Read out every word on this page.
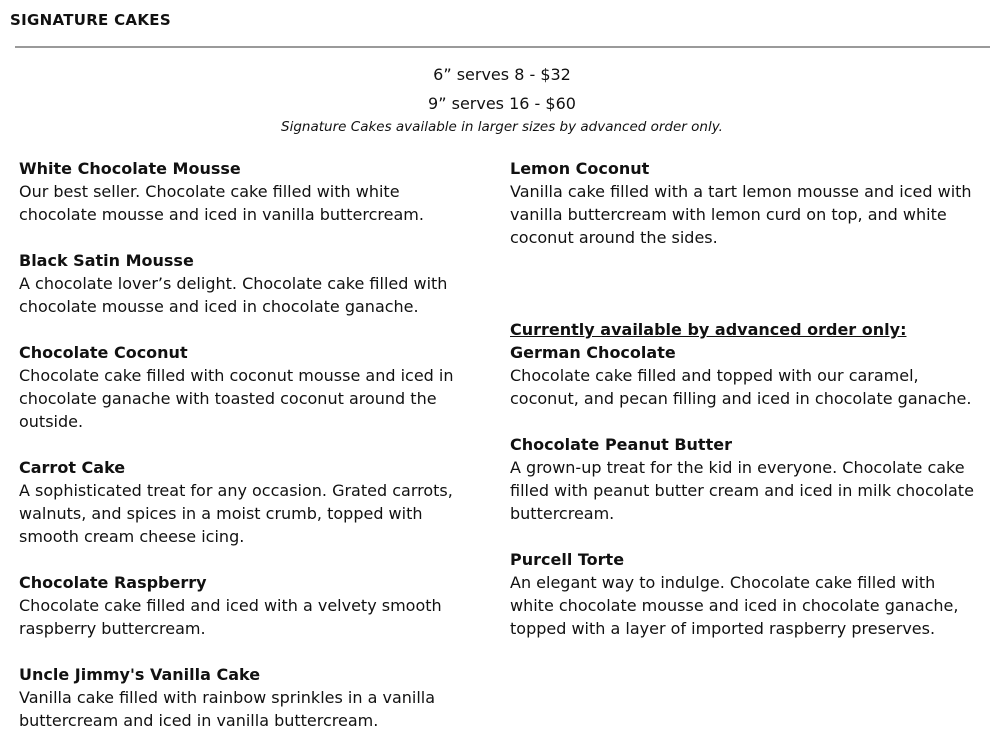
SIGNATURE CAKES
6” serves 8 - $32
9” serves 16 - $60
Signature Cakes available in larger sizes by advanced order only.
White Chocolate Mousse
Our best seller. Chocolate cake filled with white
chocolate mousse and iced in vanilla buttercream.
Black Satin Mousse
A chocolate lover’s delight. Chocolate cake filled with
chocolate mousse and iced in chocolate ganache.
Chocolate Coconut
Chocolate cake filled with coconut mousse and iced in
chocolate ganache with toasted coconut around the
outside.
Carrot Cake
A sophisticated treat for any occasion. Grated carrots,
walnuts, and spices in a moist crumb, topped with
smooth cream cheese icing.
Chocolate Raspberry
Chocolate cake filled and iced with a velvety smooth
raspberry buttercream.
Uncle Jimmy's Vanilla Cake
Vanilla cake filled with rainbow sprinkles in a vanilla
buttercream and iced in vanilla buttercream.
Lemon Coconut
Vanilla cake filled with a tart lemon mousse and iced with
vanilla buttercream with lemon curd on top, and white
coconut around the sides.
Currently available by advanced order only:
German Chocolate
Chocolate cake filled and topped with our caramel,
coconut, and pecan filling and iced in chocolate ganache.
Chocolate Peanut Butter
A grown-up treat for the kid in everyone. Chocolate cake
filled with peanut butter cream and iced in milk chocolate
buttercream.
Purcell Torte
An elegant way to indulge. Chocolate cake filled with
white chocolate mousse and iced in chocolate ganache,
topped with a layer of imported raspberry preserves.
